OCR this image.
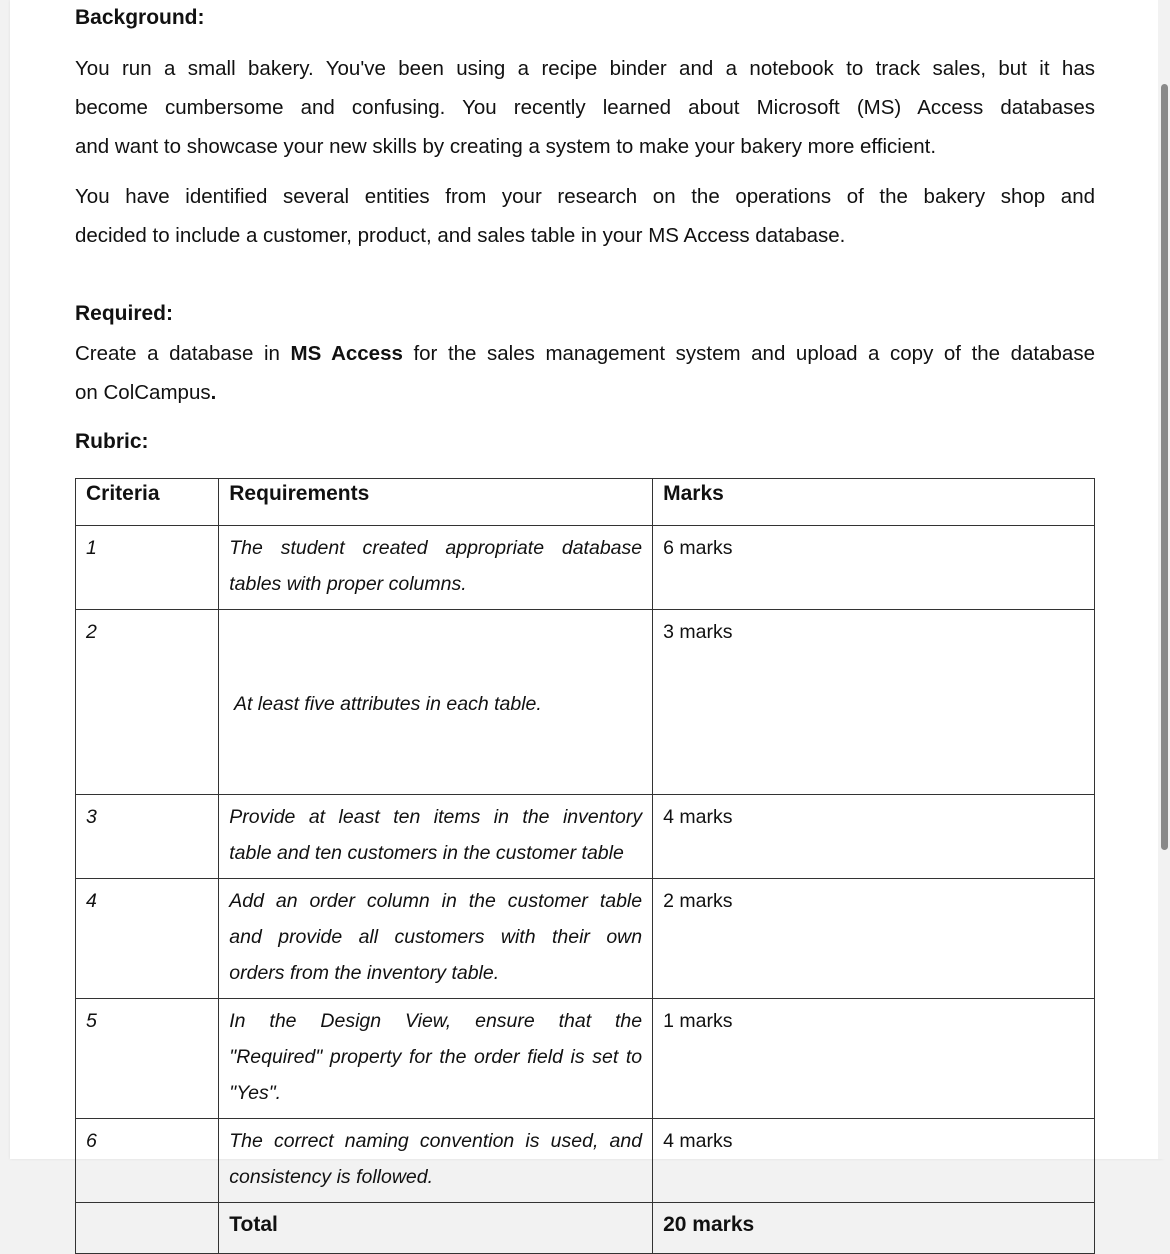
Background:
You run a small bakery. You've been using a recipe binder and a notebook to track sales, but it has
become cumbersome and confusing. You recently learned about Microsoft (MS) Access databases
and want to showcase your new skills by creating a system to make your bakery more efficient.
You have identified several entities from your research on the operations of the bakery shop and
decided to include a customer, product, and sales table in your MS Access database.
Required:
Create a database in MS Access for the sales management system and upload a copy of the database
on ColCampus.
Rubric:
Criteria	Requirements	Marks
1	The student created appropriate database
tables with proper columns.	6 marks
2	At least five attributes in each table.	3 marks
3	Provide at least ten items in the inventory
table and ten customers in the customer table	4 marks
4	Add an order column in the customer table
and provide all customers with their own
orders from the inventory table.	2 marks
5	In the Design View, ensure that the
"Required" property for the order field is set to
"Yes".	1 marks
6	The correct naming convention is used, and
consistency is followed.	4 marks
	Total	20 marks
